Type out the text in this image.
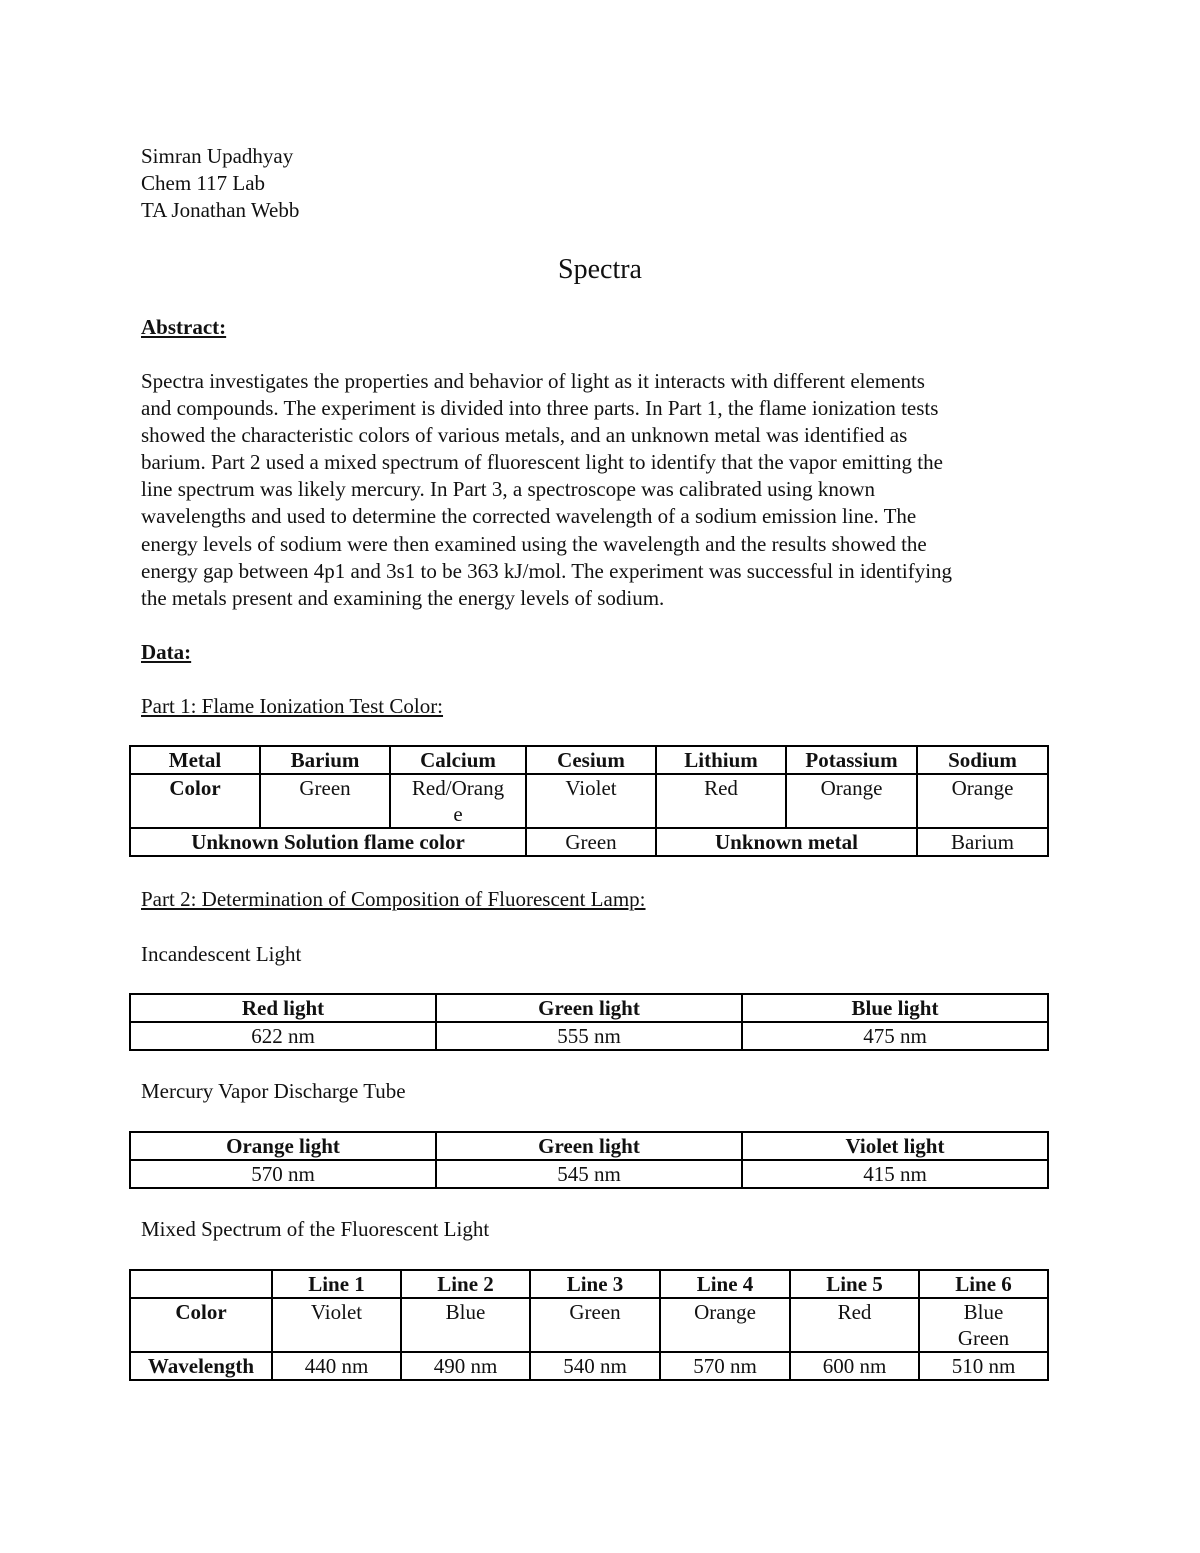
Simran Upadhyay
Chem 117 Lab
TA Jonathan Webb
Spectra
Abstract:
Spectra investigates the properties and behavior of light as it interacts with different elements
and compounds. The experiment is divided into three parts. In Part 1, the flame ionization tests
showed the characteristic colors of various metals, and an unknown metal was identified as
barium. Part 2 used a mixed spectrum of fluorescent light to identify that the vapor emitting the
line spectrum was likely mercury. In Part 3, a spectroscope was calibrated using known
wavelengths and used to determine the corrected wavelength of a sodium emission line. The
energy levels of sodium were then examined using the wavelength and the results showed the
energy gap between 4p1 and 3s1 to be 363 kJ/mol. The experiment was successful in identifying
the metals present and examining the energy levels of sodium.
Data:
Part 1: Flame Ionization Test Color:
Metal	Barium	Calcium	Cesium	Lithium	Potassium	Sodium
Color	Green	Red/Orang
e	Violet	Red	Orange	Orange
Unknown Solution flame color			Green	Unknown metal		Barium
Part 2: Determination of Composition of Fluorescent Lamp:
Incandescent Light
Red light	Green light	Blue light
622 nm	555 nm	475 nm
Mercury Vapor Discharge Tube
Orange light	Green light	Violet light
570 nm	545 nm	415 nm
Mixed Spectrum of the Fluorescent Light
	Line 1	Line 2	Line 3	Line 4	Line 5	Line 6
Color	Violet	Blue	Green	Orange	Red	Blue
Green
Wavelength	440 nm	490 nm	540 nm	570 nm	600 nm	510 nm
